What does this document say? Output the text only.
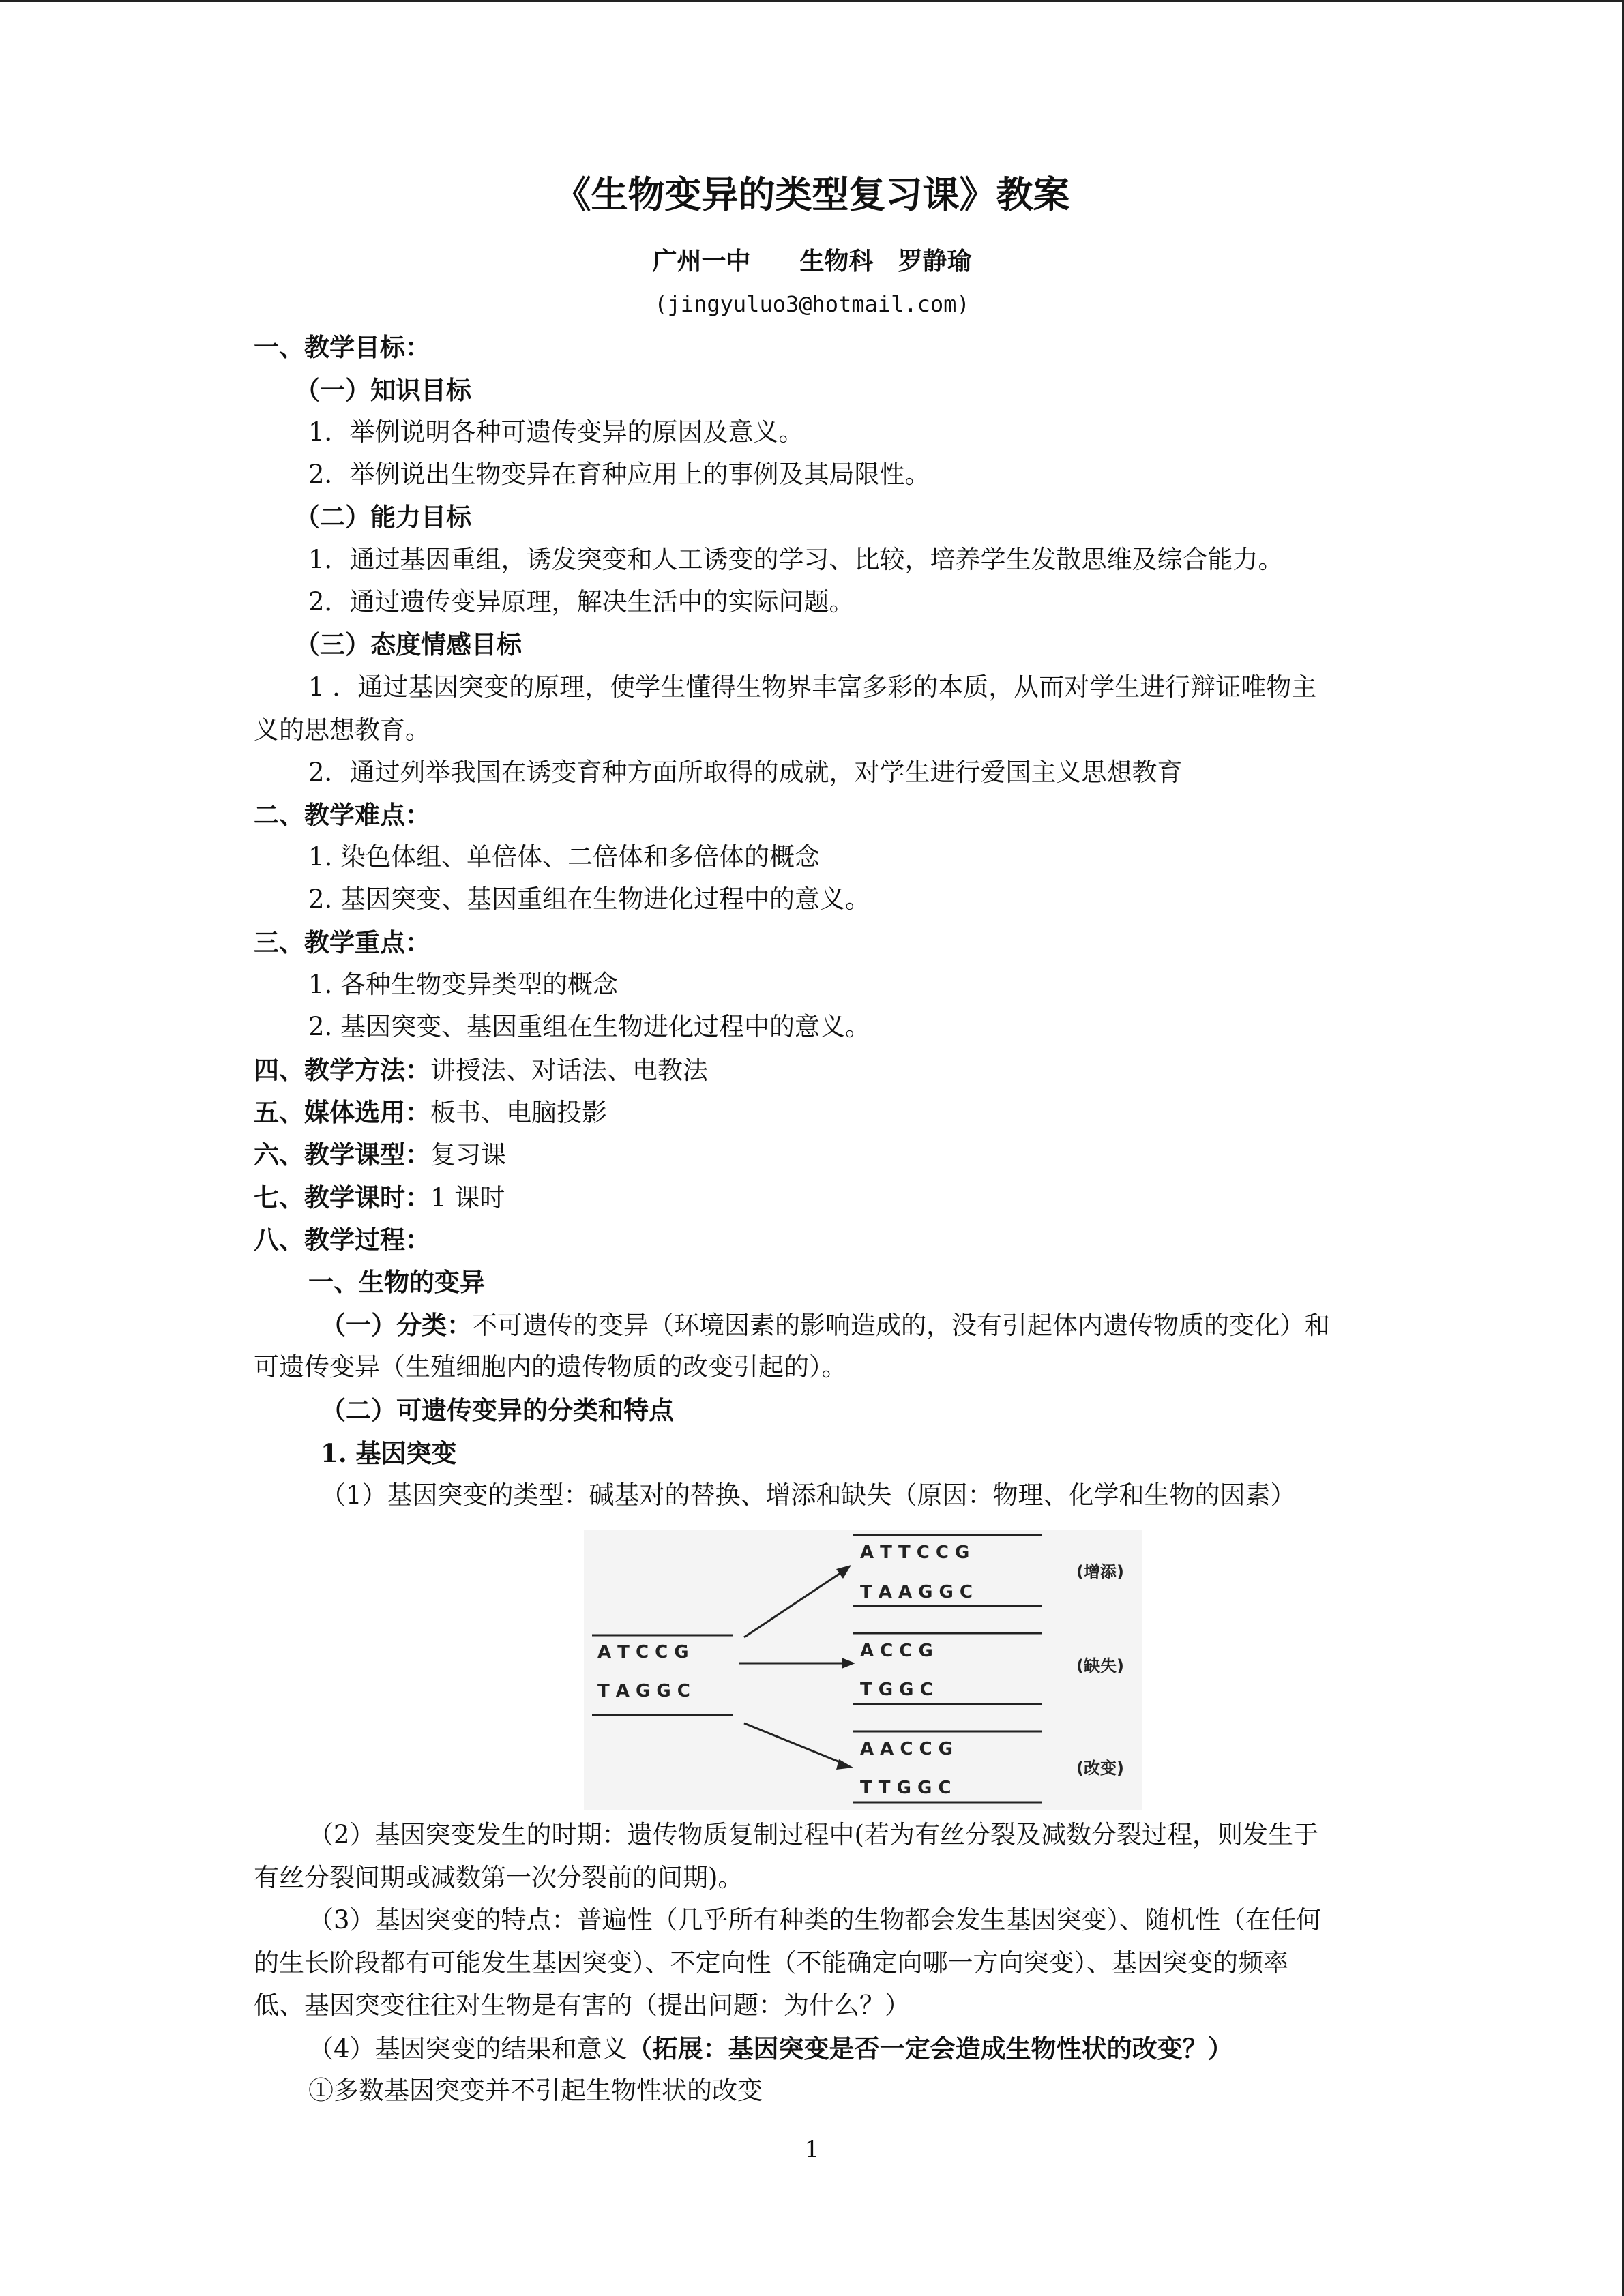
《生物变异的类型复习课》教案
广州一中　　生物科　罗静瑜
(jingyuluo3@hotmail.com)
一、教学目标：
（一）知识目标
1．举例说明各种可遗传变异的原因及意义。
2．举例说出生物变异在育种应用上的事例及其局限性。
（二）能力目标
1．通过基因重组，诱发突变和人工诱变的学习、比较，培养学生发散思维及综合能力。
2．通过遗传变异原理，解决生活中的实际问题。
（三）态度情感目标
1 ．通过基因突变的原理，使学生懂得生物界丰富多彩的本质，从而对学生进行辩证唯物主
义的思想教育。
2．通过列举我国在诱变育种方面所取得的成就，对学生进行爱国主义思想教育
二、教学难点：
1. 染色体组、单倍体、二倍体和多倍体的概念
2. 基因突变、基因重组在生物进化过程中的意义。
三、教学重点：
1. 各种生物变异类型的概念
2. 基因突变、基因重组在生物进化过程中的意义。
四、教学方法：讲授法、对话法、电教法
五、媒体选用：板书、电脑投影
六、教学课型：复习课
七、教学课时：1 课时
八、教学过程：
一、生物的变异
（一）分类：不可遗传的变异（环境因素的影响造成的，没有引起体内遗传物质的变化）和
可遗传变异（生殖细胞内的遗传物质的改变引起的）。
（二）可遗传变异的分类和特点
1. 基因突变
（1）基因突变的类型：碱基对的替换、增添和缺失（原因：物理、化学和生物的因素）
A T C C G
T A G G C
A T T C C G
T A A G G C
(增添)
A C C G
T G G C
(缺失)
A A C C G
T T G G C
(改变)
（2）基因突变发生的时期：遗传物质复制过程中(若为有丝分裂及减数分裂过程，则发生于
有丝分裂间期或减数第一次分裂前的间期)。
（3）基因突变的特点：普遍性（几乎所有种类的生物都会发生基因突变）、随机性（在任何
的生长阶段都有可能发生基因突变）、不定向性（不能确定向哪一方向突变）、基因突变的频率
低、基因突变往往对生物是有害的（提出问题：为什么？）
（4）基因突变的结果和意义（拓展：基因突变是否一定会造成生物性状的改变？）
①多数基因突变并不引起生物性状的改变
1
